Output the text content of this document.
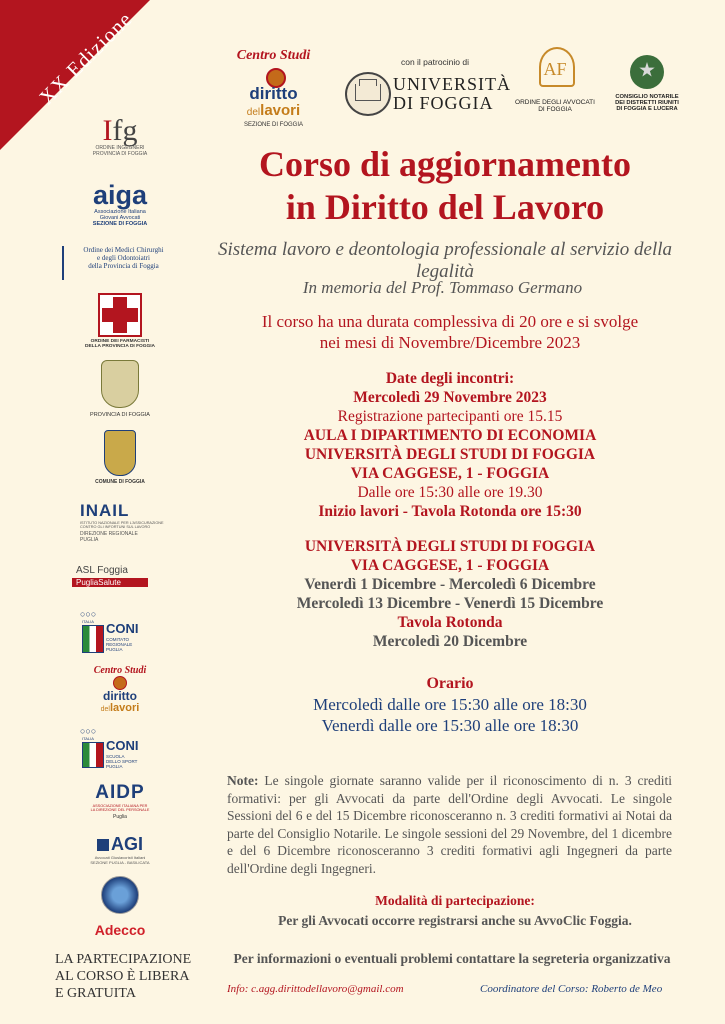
XX Edizione	Centro Studi
diritto
dellavori
SEZIONE DI FOGGIA
con il patrocinio di
UNIVERSITÀ
DI FOGGIA
AF
ORDINE DEGLI AVVOCATI
DI FOGGIA
CONSIGLIO NOTARILE
DEI DISTRETTI RIUNITI
DI FOGGIA E LUCERA
Corso di aggiornamento
in Diritto del Lavoro
Sistema lavoro e deontologia professionale al servizio della legalità
In memoria del Prof. Tommaso Germano
Il corso ha una durata complessiva di 20 ore e si svolge
nei mesi di Novembre/Dicembre 2023
Date degli incontri:
Mercoledì 29 Novembre 2023
Registrazione partecipanti ore 15.15
AULA I DIPARTIMENTO DI ECONOMIA
UNIVERSITÀ DEGLI STUDI DI FOGGIA
VIA CAGGESE, 1 - FOGGIA
Dalle ore 15:30 alle ore 19.30
Inizio lavori - Tavola Rotonda ore 15:30
UNIVERSITÀ DEGLI STUDI DI FOGGIA
VIA CAGGESE, 1 - FOGGIA
Venerdì 1 Dicembre - Mercoledì 6 Dicembre
Mercoledì 13 Dicembre - Venerdì 15 Dicembre
Tavola Rotonda
Mercoledì 20 Dicembre
Orario
Mercoledì dalle ore 15:30 alle ore 18:30
Venerdì dalle ore 15:30 alle ore 18:30
Note: Le singole giornate saranno valide per il riconoscimento di n. 3 crediti formativi: per gli Avvocati da parte dell'Ordine degli Avvocati. Le singole Sessioni del 6 e del 15 Dicembre riconosceranno n. 3 crediti formativi ai Notai da parte del Consiglio Notarile. Le singole sessioni del 29 Novembre, del 1 dicembre e del 6 Dicembre riconosceranno 3 crediti formativi agli Ingegneri da parte dell'Ordine degli Ingegneri.
Modalità di partecipazione:
Per gli Avvocati occorre registrarsi anche su AvvoClic Foggia.
Per informazioni o eventuali problemi contattare la segreteria organizzativa
LA PARTECIPAZIONE
AL CORSO È LIBERA
E GRATUITA	Info: c.agg.dirittodellavoro@gmail.com	Coordinatore del Corso: Roberto de Meo
Ifg
ORDINE INGEGNERI
PROVINCIA DI FOGGIA
aiga
Associazione Italiana
Giovani Avvocati
SEZIONE DI FOGGIA
Ordine dei Medici Chirurghi
e degli Odontoiatri
della Provincia di Foggia
ORDINE DEI FARMACISTI
DELLA PROVINCIA DI FOGGIA
PROVINCIA DI FOGGIA
COMUNE DI FOGGIA
INAIL
ISTITUTO NAZIONALE PER L'ASSICURAZIONE
CONTRO GLI INFORTUNI SUL LAVORO
DIREZIONE REGIONALE
PUGLIA
ASL Foggia
PugliaSalute
○○○
ITALIA CONI
COMITATO
REGIONALE
PUGLIA
Centro Studi
diritto
dellavori
○○○
ITALIA CONI
SCUOLA
DELLO SPORT
PUGLIA
AIDP
ASSOCIAZIONE ITALIANA PER
LA DIREZIONE DEL PERSONALE
Puglia
AGI
Avvocati Giuslavoristi Italiani
SEZIONE PUGLIA - BASILICATA
Adecco
